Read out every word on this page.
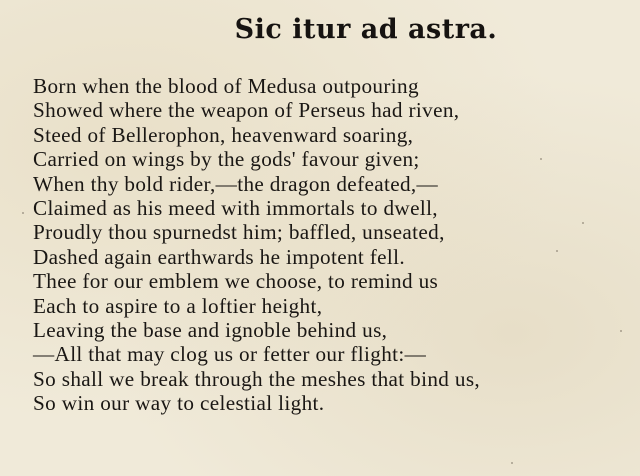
Sic itur ad astra.
Born when the blood of Medusa outpouring
Showed where the weapon of Perseus had riven,
Steed of Bellerophon, heavenward soaring,
Carried on wings by the gods' favour given;
When thy bold rider,—the dragon defeated,—
Claimed as his meed with immortals to dwell,
Proudly thou spurnedst him; baffled, unseated,
Dashed again earthwards he impotent fell.
Thee for our emblem we choose, to remind us
Each to aspire to a loftier height,
Leaving the base and ignoble behind us,
—All that may clog us or fetter our flight:—
So shall we break through the meshes that bind us,
So win our way to celestial light.
